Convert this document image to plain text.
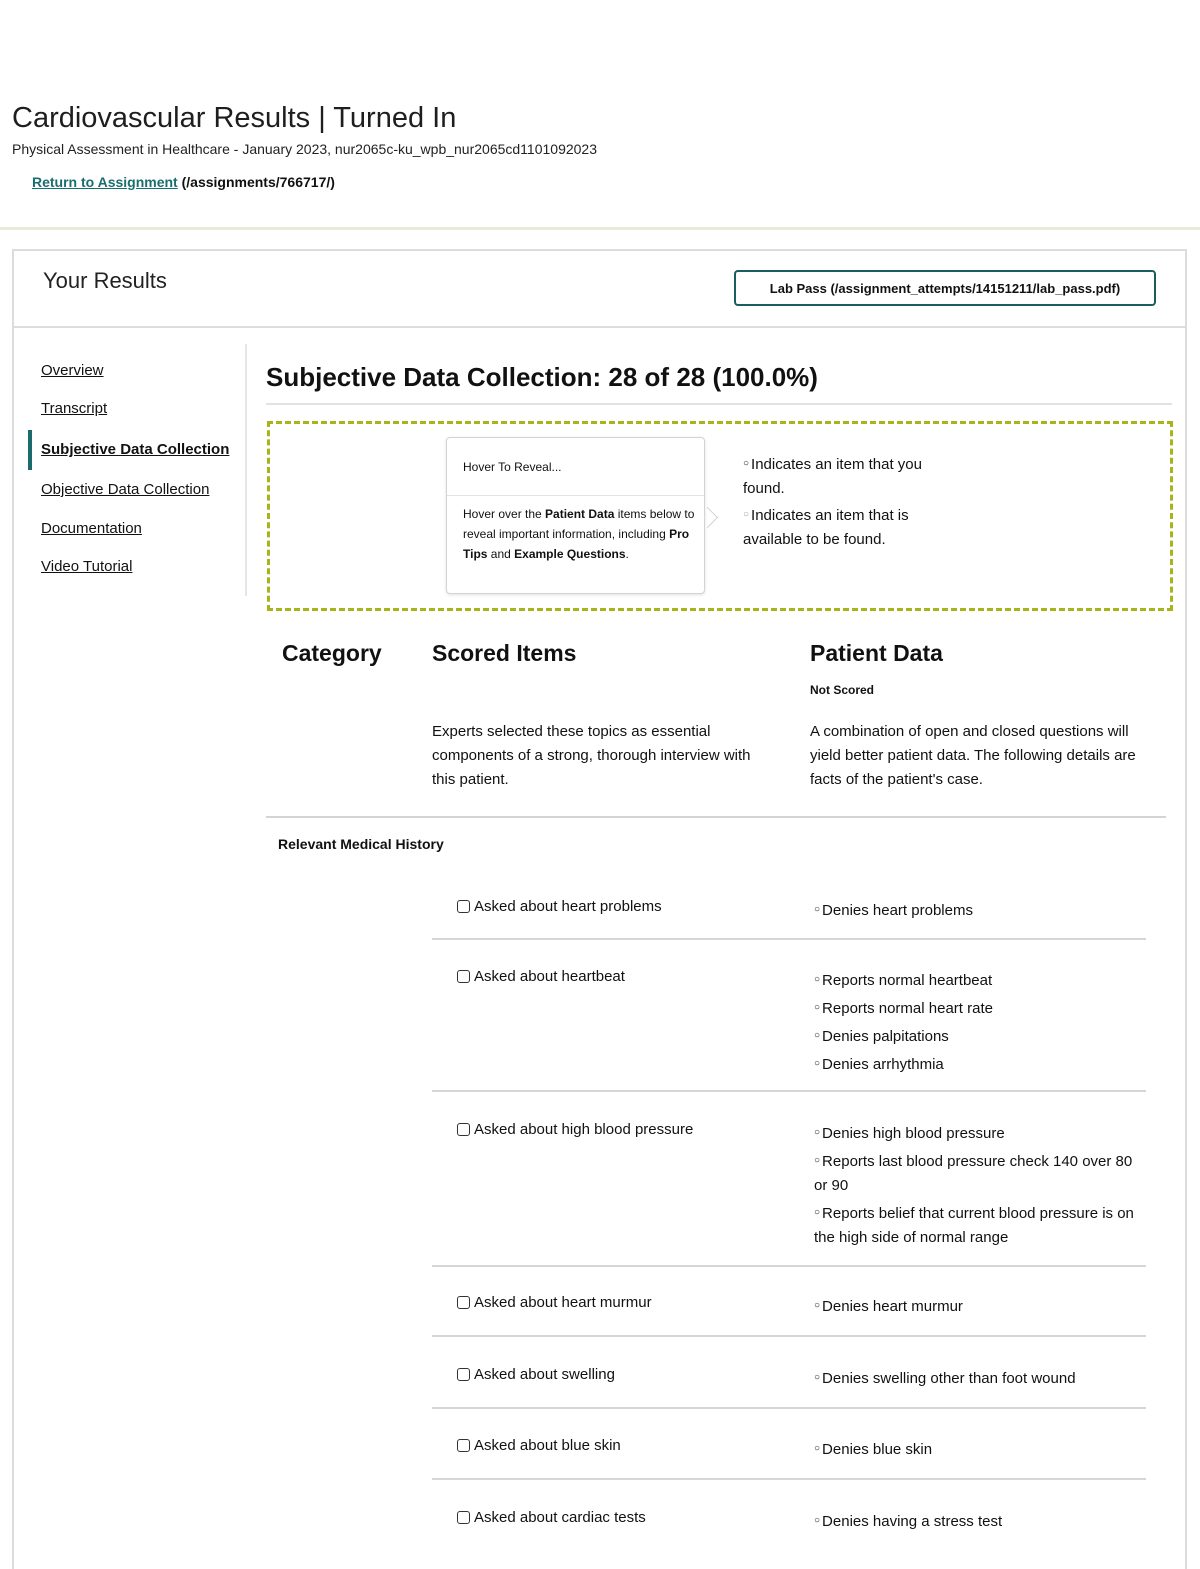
Cardiovascular Results | Turned In
Physical Assessment in Healthcare - January 2023, nur2065c-ku_wpb_nur2065cd1101092023
Return to Assignment (/assignments/766717/)
Your Results	Lab Pass (/assignment_attempts/14151211/lab_pass.pdf)
Overview
Transcript
Subjective Data Collection
Objective Data Collection
Documentation
Video Tutorial
Subjective Data Collection: 28 of 28 (100.0%)
Hover To Reveal...
Hover over the Patient Data items below to reveal important information, including Pro Tips and Example Questions.
○ Indicates an item that you found.
○ Indicates an item that is available to be found.
Category Scored Items	Patient Data
Not Scored
Experts selected these topics as essential components of a strong, thorough interview with this patient.
A combination of open and closed questions will yield better patient data. The following details are facts of the patient's case.
Relevant Medical History
Asked about heart problems	○ Denies heart problems
Asked about heartbeat	○ Reports normal heartbeat
○ Reports normal heart rate
○ Denies palpitations
○ Denies arrhythmia
Asked about high blood pressure	○ Denies high blood pressure
○ Reports last blood pressure check 140 over 80 or 90
○ Reports belief that current blood pressure is on the high side of normal range
Asked about heart murmur	○ Denies heart murmur
Asked about swelling	○ Denies swelling other than foot wound
Asked about blue skin	○ Denies blue skin
Asked about cardiac tests	○ Denies having a stress test
